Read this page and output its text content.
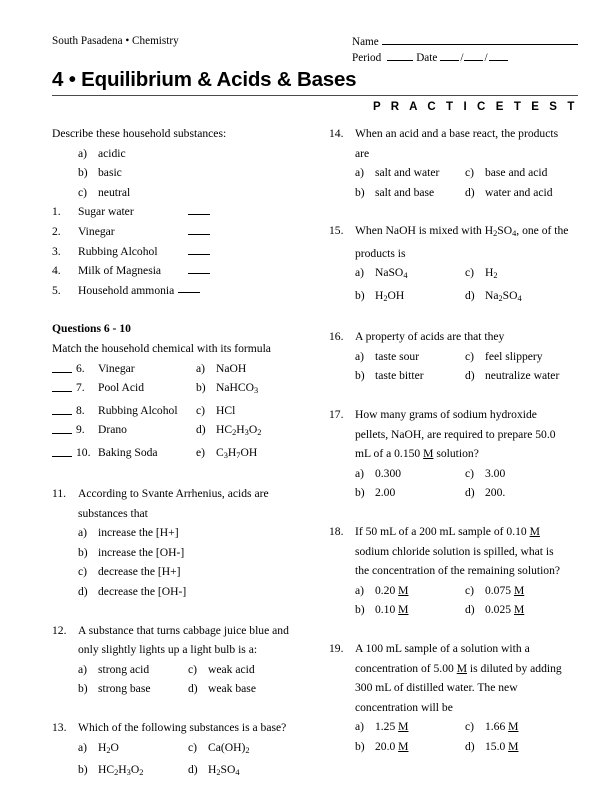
South Pasadena • Chemistry	Name
Period	Date / /
4 • Equilibrium & Acids & Bases
P R A C T I C E T E S T
Describe these household substances:
a) acidic
b) basic
c) neutral
1.	Sugar water
2.	Vinegar
3.	Rubbing Alcohol
4.	Milk of Magnesia
5.	Household ammonia
Questions 6 - 10
Match the household chemical with its formula
6.	Vinegar	a) NaOH
7.	Pool Acid	b) NaHCO$_3$
8.	Rubbing Alcohol	c) HCl
9.	Drano	d) $HC_2H_3O_2$
10. Baking Soda	e) $C_3H_7OH$
11.	According to Svante Arrhenius, acids are
substances that
a) increase the [H+]
b) increase the [OH-]
c) decrease the [H+]
d) decrease the [OH-]
12. A substance that turns cabbage juice blue and
only slightly lights up a light bulb is a:
a) strong acid	c) weak acid
b) strong base	d) weak base
13. Which of the following substances is a base?
a) $H_2O$	c) $Ca(OH)_2$
b) $HC_2H_3O_2$	d) $H_2SO_4$
14. When an acid and a base react, the products
are
a) salt and water c) base and acid
b) salt and base	d) water and acid
15. When NaOH is mixed with $H_2SO_4$, one of the
products is
a) NaSO$_4$	c) $H_2$
b) $H_2OH$	d) $Na_2SO_4$
16. A property of acids are that they
a) taste sour	c) feel slippery
b) taste bitter	d) neutralize water
17. How many grams of sodium hydroxide
pellets, NaOH, are required to prepare 50.0
mL of a 0.150 M solution?
a) 0.300	c) 3.00
b) 2.00	d) 200.
18. If 50 mL of a 200 mL sample of 0.10 M
sodium chloride solution is spilled, what is
the concentration of the remaining solution?
a) 0.20 M	c) 0.075 M
b) 0.10 M	d) 0.025 M
19. A 100 mL sample of a solution with a
concentration of 5.00 M is diluted by adding
300 mL of distilled water. The new
concentration will be
a) 1.25 M	c) 1.66 M
b) 20.0 M	d) 15.0 M
